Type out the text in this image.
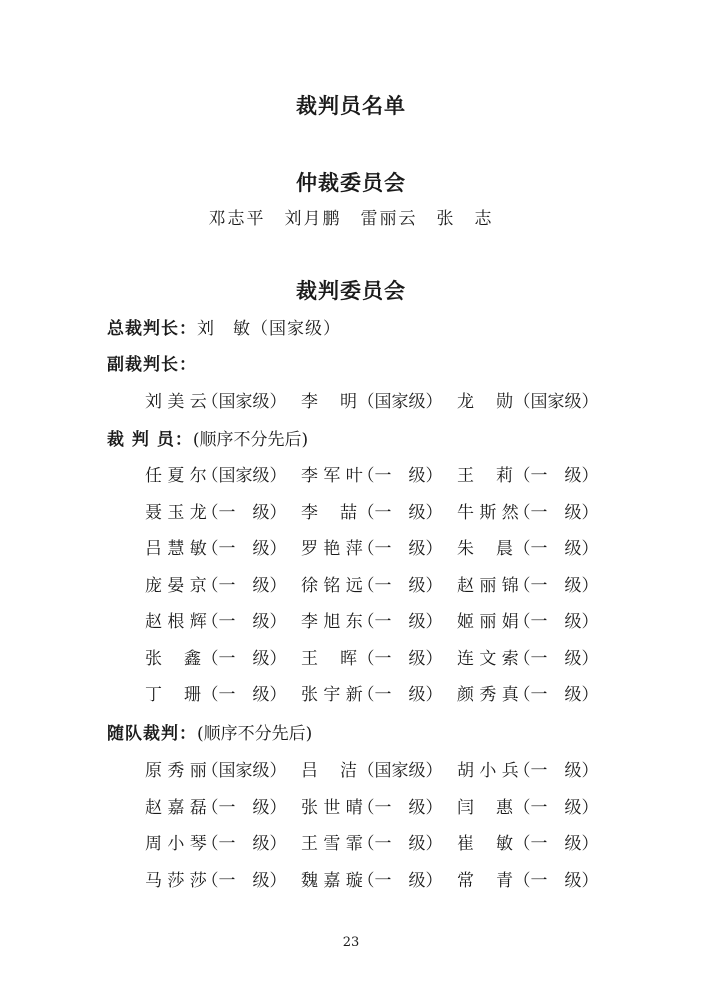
裁判员名单
仲裁委员会
邓志平　刘月鹏　雷丽云　张　志
裁判委员会
总裁判长：刘　敏（国家级）
副裁判长：
刘 美 云（国家级） 李 明（国家级） 龙 勋（国家级）
裁 判 员：(顺序不分先后)
任 夏 尔（国家级） 李 军 叶（一　级） 王 莉（一　级）
聂 玉 龙（一　级） 李 喆（一　级） 牛 斯 然（一　级）
吕 慧 敏（一　级） 罗 艳 萍（一　级） 朱 晨（一　级）
庞 晏 京（一　级） 徐 铭 远（一　级） 赵 丽 锦（一　级）
赵 根 辉（一　级） 李 旭 东（一　级） 姬 丽 娟（一　级）
张 鑫（一　级） 王 晖（一　级） 连 文 索（一　级）
丁 珊（一　级） 张 宇 新（一　级） 颜 秀 真（一　级）
随队裁判：(顺序不分先后)
原 秀 丽（国家级） 吕 洁（国家级） 胡 小 兵（一　级）
赵 嘉 磊（一　级） 张 世 晴（一　级） 闫 惠（一　级）
周 小 琴（一　级） 王 雪 霏（一　级） 崔 敏（一　级）
马 莎 莎（一　级） 魏 嘉 璇（一　级） 常 青（一　级）
23
